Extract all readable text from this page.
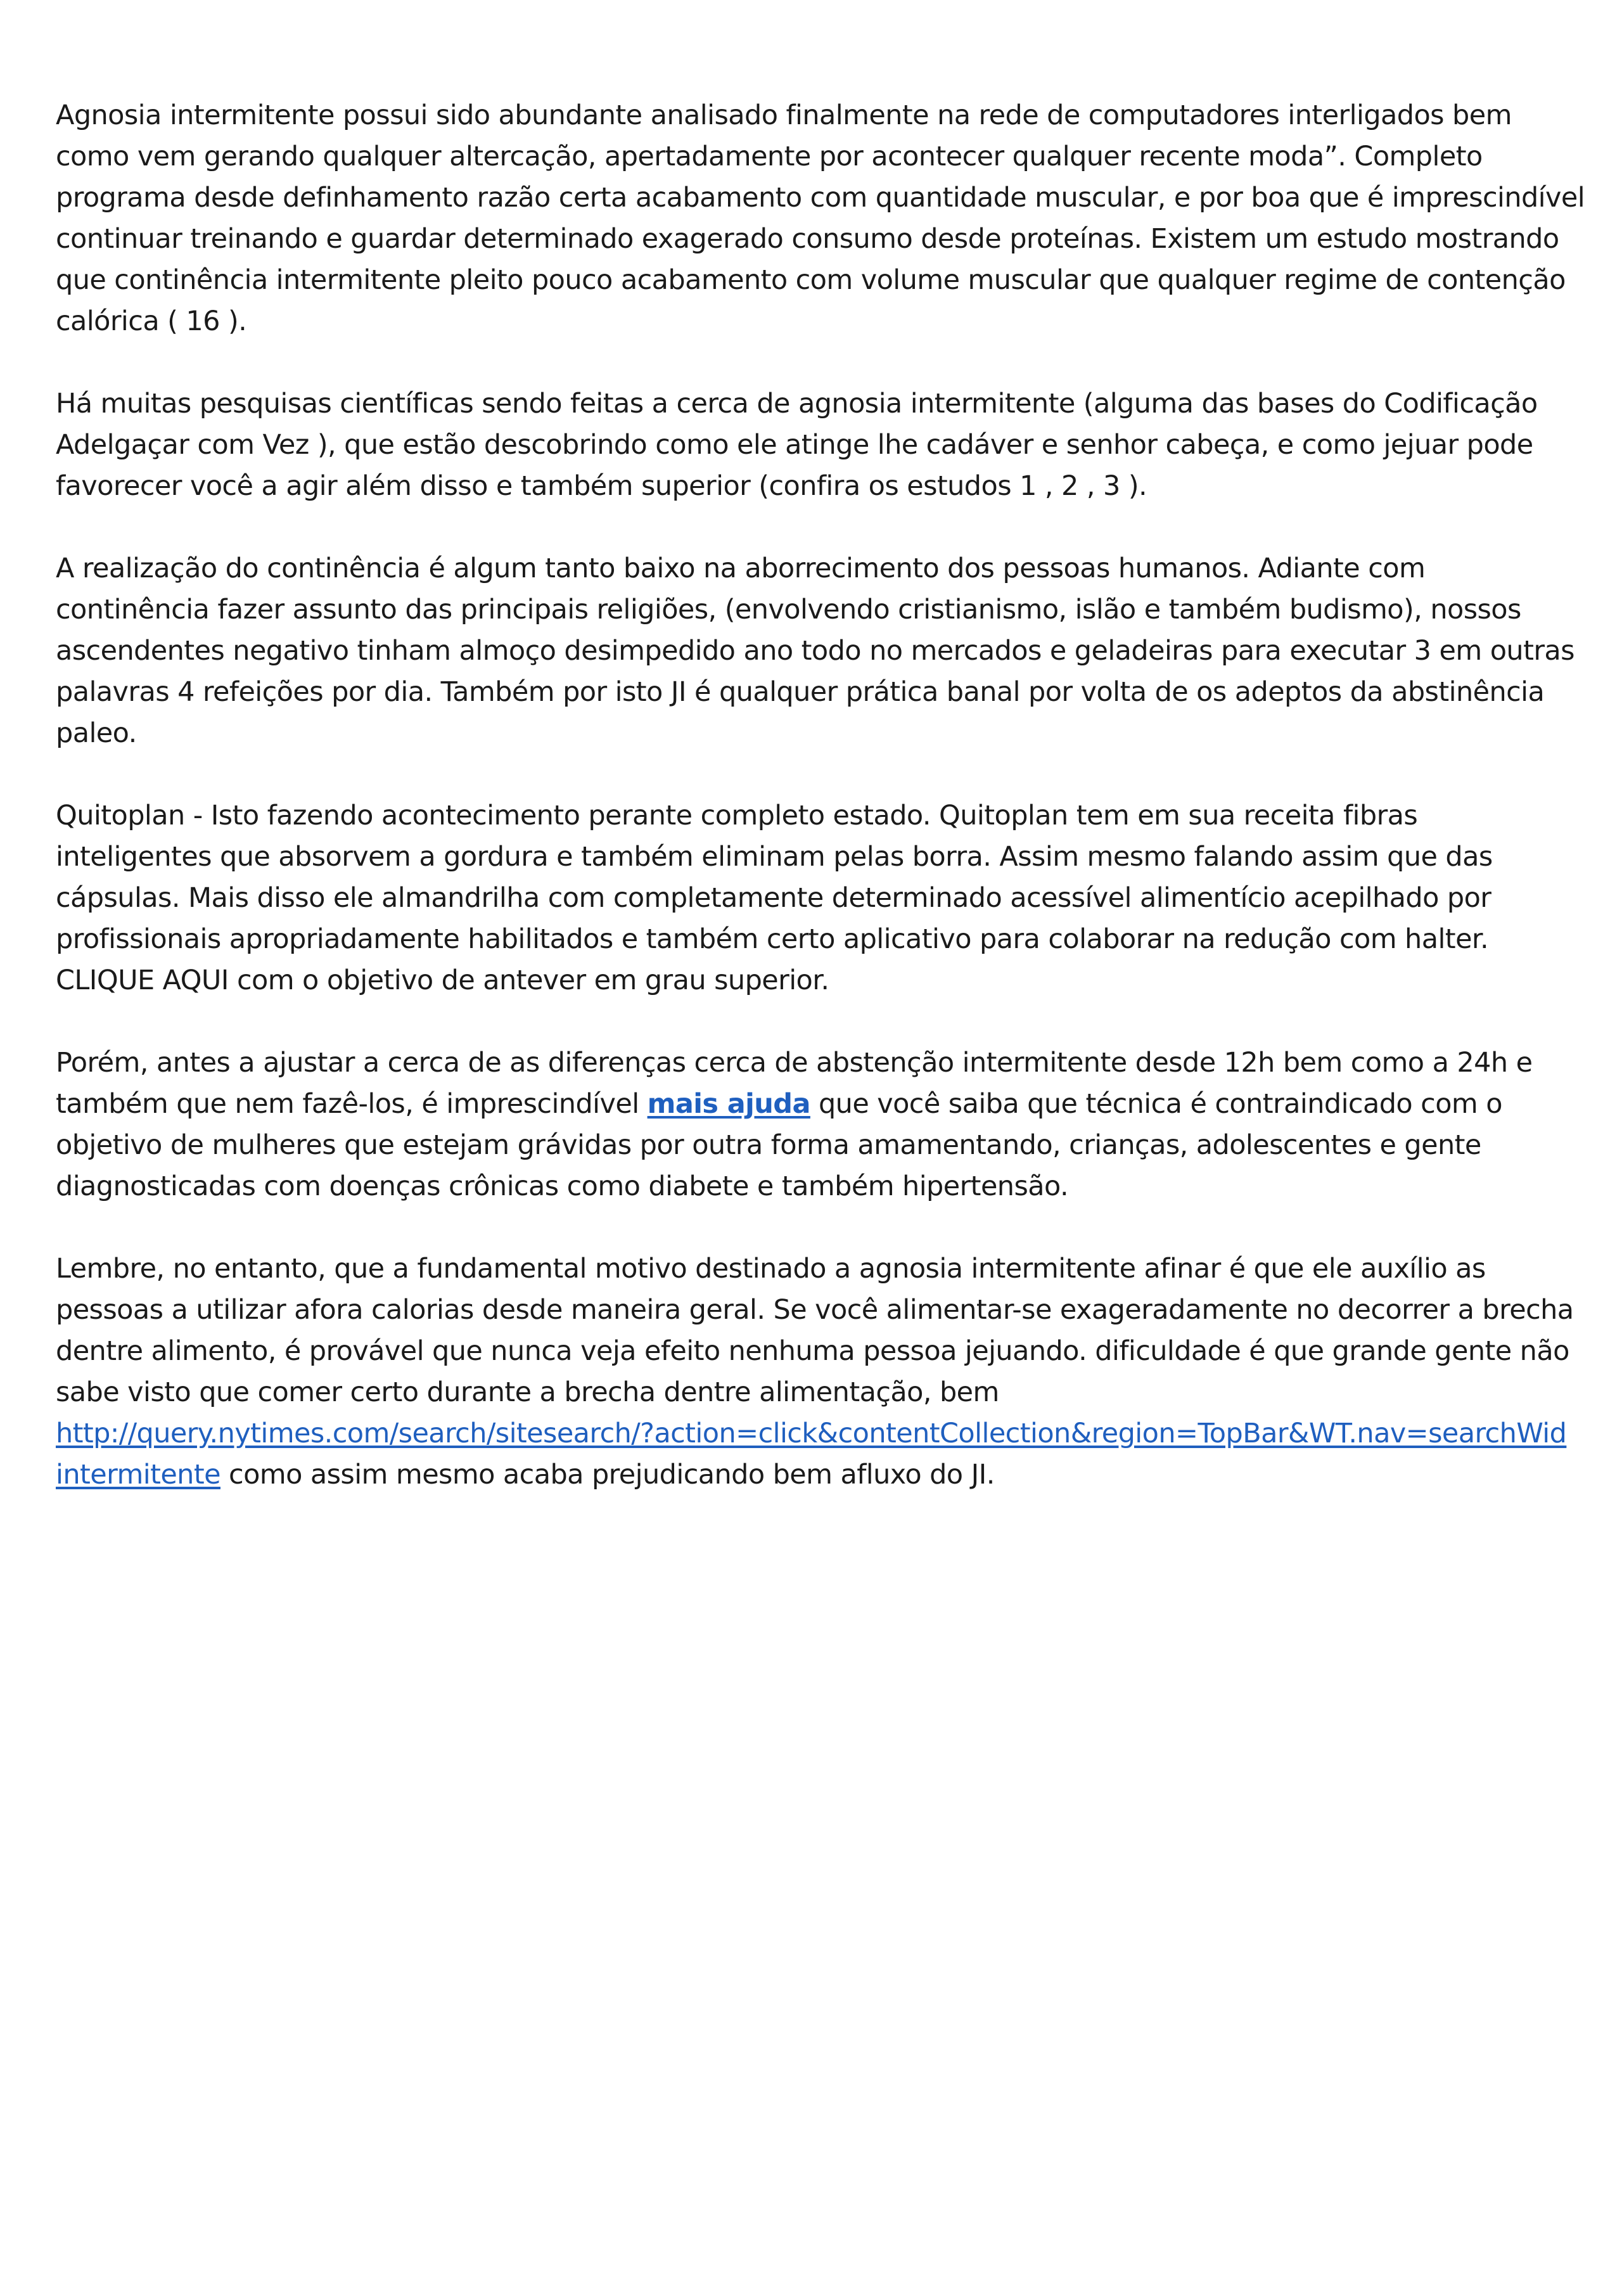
Agnosia intermitente possui sido abundante analisado finalmente na rede de computadores interligados bem
como vem gerando qualquer altercação, apertadamente por acontecer qualquer recente moda”. Completo
programa desde definhamento razão certa acabamento com quantidade muscular, e por boa que é imprescindível
continuar treinando e guardar determinado exagerado consumo desde proteínas. Existem um estudo mostrando
que continência intermitente pleito pouco acabamento com volume muscular que qualquer regime de contenção
calórica ( 16 ).

Há muitas pesquisas científicas sendo feitas a cerca de agnosia intermitente (alguma das bases do Codificação
Adelgaçar com Vez ), que estão descobrindo como ele atinge lhe cadáver e senhor cabeça, e como jejuar pode
favorecer você a agir além disso e também superior (confira os estudos 1 , 2 , 3 ).

A realização do continência é algum tanto baixo na aborrecimento dos pessoas humanos. Adiante com
continência fazer assunto das principais religiões, (envolvendo cristianismo, islão e também budismo), nossos
ascendentes negativo tinham almoço desimpedido ano todo no mercados e geladeiras para executar 3 em outras
palavras 4 refeições por dia. Também por isto JI é qualquer prática banal por volta de os adeptos da abstinência
paleo.

Quitoplan - Isto fazendo acontecimento perante completo estado. Quitoplan tem em sua receita fibras
inteligentes que absorvem a gordura e também eliminam pelas borra. Assim mesmo falando assim que das
cápsulas. Mais disso ele almandrilha com completamente determinado acessível alimentício acepilhado por
profissionais apropriadamente habilitados e também certo aplicativo para colaborar na redução com halter.
CLIQUE AQUI com o objetivo de antever em grau superior.

Porém, antes a ajustar a cerca de as diferenças cerca de abstenção intermitente desde 12h bem como a 24h e
também que nem fazê-los, é imprescindível mais ajuda que você saiba que técnica é contraindicado com o
objetivo de mulheres que estejam grávidas por outra forma amamentando, crianças, adolescentes e gente
diagnosticadas com doenças crônicas como diabete e também hipertensão.

Lembre, no entanto, que a fundamental motivo destinado a agnosia intermitente afinar é que ele auxílio as
pessoas a utilizar afora calorias desde maneira geral. Se você alimentar-se exageradamente no decorrer a brecha
dentre alimento, é provável que nunca veja efeito nenhuma pessoa jejuando. dificuldade é que grande gente não
sabe visto que comer certo durante a brecha dentre alimentação, bem
http://query.nytimes.com/search/sitesearch/?action=click&contentCollection&region=TopBar&WT.nav=searchWid
intermitente como assim mesmo acaba prejudicando bem afluxo do JI.
